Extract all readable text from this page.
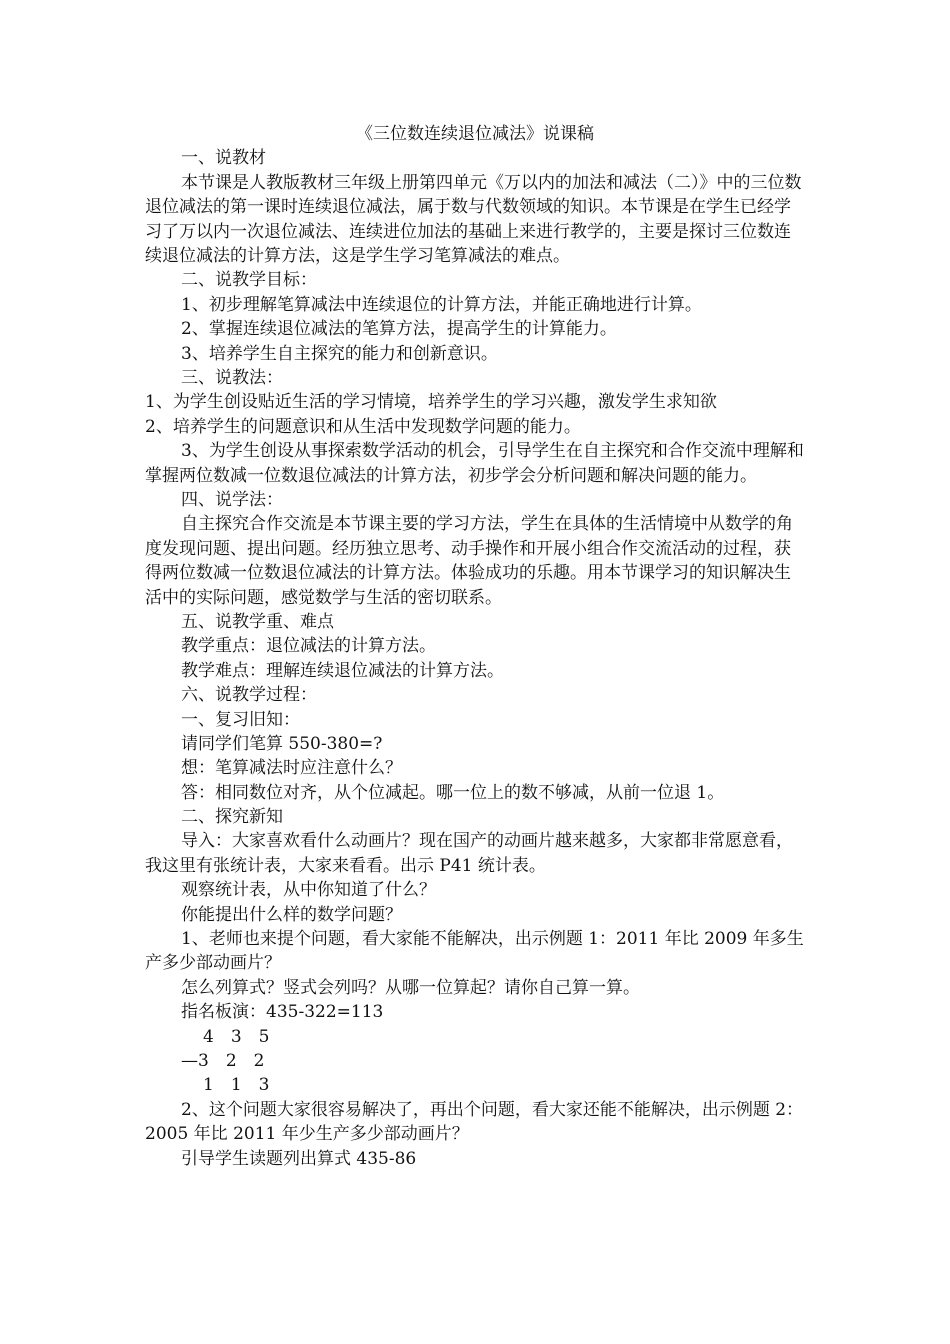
《三位数连续退位减法》说课稿
一、说教材
本节课是人教版教材三年级上册第四单元《万以内的加法和减法（二）》中的三位数退位减法的第一课时连续退位减法，属于数与代数领域的知识。本节课是在学生已经学习了万以内一次退位减法、连续进位加法的基础上来进行教学的，主要是探讨三位数连续退位减法的计算方法，这是学生学习笔算减法的难点。
二、说教学目标：
1、初步理解笔算减法中连续退位的计算方法，并能正确地进行计算。
2、掌握连续退位减法的笔算方法，提高学生的计算能力。
3、培养学生自主探究的能力和创新意识。
三、说教法：
1、为学生创设贴近生活的学习情境，培养学生的学习兴趣，激发学生求知欲
2、培养学生的问题意识和从生活中发现数学问题的能力。
3、为学生创设从事探索数学活动的机会，引导学生在自主探究和合作交流中理解和掌握两位数减一位数退位减法的计算方法，初步学会分析问题和解决问题的能力。
四、说学法：
自主探究合作交流是本节课主要的学习方法，学生在具体的生活情境中从数学的角度发现问题、提出问题。经历独立思考、动手操作和开展小组合作交流活动的过程，获得两位数减一位数退位减法的计算方法。体验成功的乐趣。用本节课学习的知识解决生活中的实际问题，感觉数学与生活的密切联系。
五、说教学重、难点
教学重点：退位减法的计算方法。
教学难点：理解连续退位减法的计算方法。
六、说教学过程：
一、复习旧知：
请同学们笔算 550-380=?
想：笔算减法时应注意什么？
答：相同数位对齐，从个位减起。哪一位上的数不够减，从前一位退 1。
二、探究新知
导入：大家喜欢看什么动画片？现在国产的动画片越来越多，大家都非常愿意看，我这里有张统计表，大家来看看。出示 P41 统计表。
观察统计表，从中你知道了什么？
你能提出什么样的数学问题？
1、老师也来提个问题，看大家能不能解决，出示例题 1：2011 年比 2009 年多生产多少部动画片？
怎么列算式？竖式会列吗？从哪一位算起？请你自己算一算。
指名板演：435-322=113
4　3　5
—3　2　2
1　1　3
2、这个问题大家很容易解决了，再出个问题，看大家还能不能解决，出示例题 2：2005 年比 2011 年少生产多少部动画片？
引导学生读题列出算式 435-86
